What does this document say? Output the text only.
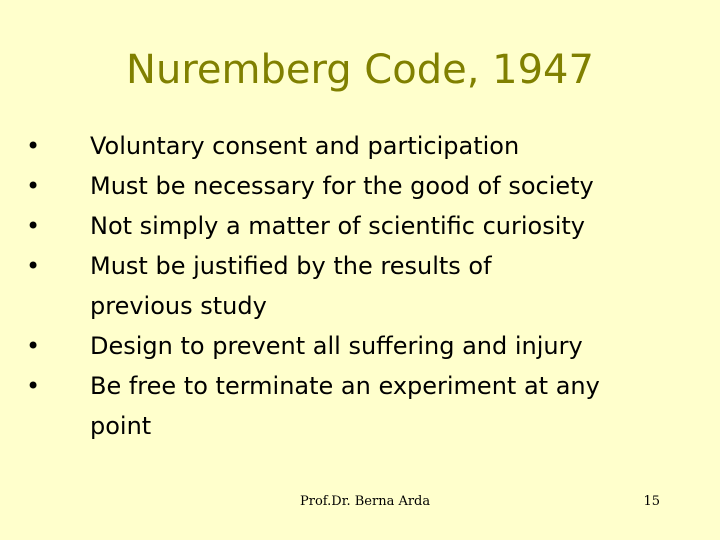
Nuremberg Code, 1947
• Voluntary consent and participation
• Must be necessary for the good of society
• Not simply a matter of scientific curiosity
• Must be justified by the results of
previous study
• Design to prevent all suffering and injury
• Be free to terminate an experiment at any
point
Prof.Dr. Berna Arda	15
